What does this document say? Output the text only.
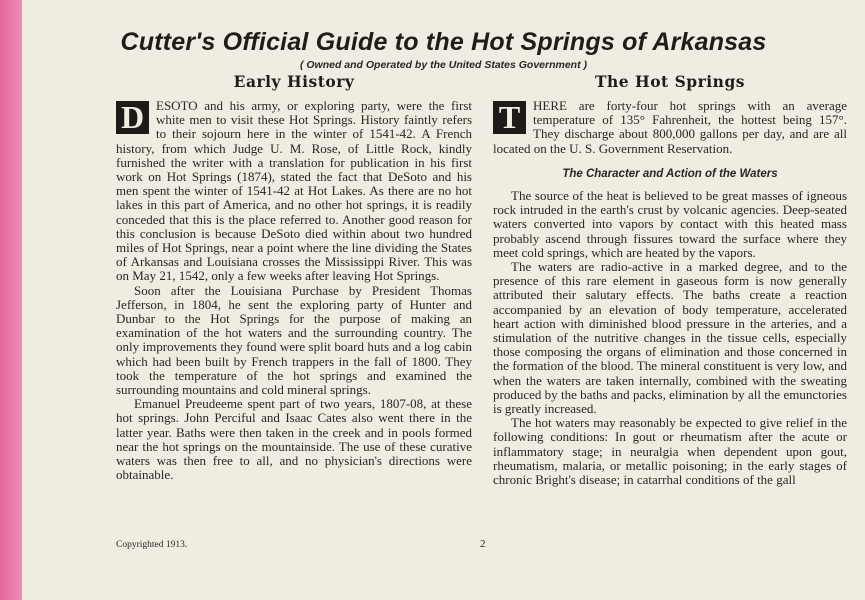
Cutter's Official Guide to the Hot Springs of Arkansas
( Owned and Operated by the United States Government )
Early History

D ESOTO and his army, or exploring party, were the first white men to visit these Hot Springs. History faintly refers to their sojourn here in the winter of 1541-42. A French history, from which Judge U. M. Rose, of Little Rock, kindly furnished the writer with a translation for publication in his first work on Hot Springs (1874), stated the fact that DeSoto and his men spent the winter of 1541-42 at Hot Lakes. As there are no hot lakes in this part of America, and no other hot springs, it is readily conceded that this is the place referred to. Another good reason for this conclusion is because DeSoto died within about two hundred miles of Hot Springs, near a point where the line dividing the States of Arkansas and Louisiana crosses the Mississippi River. This was on May 21, 1542, only a few weeks after leaving Hot Springs.

Soon after the Louisiana Purchase by President Thomas Jefferson, in 1804, he sent the exploring party of Hunter and Dunbar to the Hot Springs for the purpose of making an examination of the hot waters and the surrounding country. The only improvements they found were split board huts and a log cabin which had been built by French trappers in the fall of 1800. They took the temperature of the hot springs and examined the surrounding mountains and cold mineral springs.

Emanuel Preudeeme spent part of two years, 1807-08, at these hot springs. John Perciful and Isaac Cates also went there in the latter year. Baths were then taken in the creek and in pools formed near the hot springs on the mountainside. The use of these curative waters was then free to all, and no physician's directions were obtainable.

The Hot Springs

T HERE are forty-four hot springs with an average temperature of 135° Fahrenheit, the hottest being 157°. They discharge about 800,000 gallons per day, and are all located on the U. S. Government Reservation.

The Character and Action of the Waters

The source of the heat is believed to be great masses of igneous rock intruded in the earth's crust by volcanic agencies. Deep-seated waters converted into vapors by contact with this heated mass probably ascend through fissures toward the surface where they meet cold springs, which are heated by the vapors.

The waters are radio-active in a marked degree, and to the presence of this rare element in gaseous form is now generally attributed their salutary effects. The baths create a reaction accompanied by an elevation of body temperature, accelerated heart action with diminished blood pressure in the arteries, and a stimulation of the nutritive changes in the tissue cells, especially those composing the organs of elimination and those concerned in the formation of the blood. The mineral constituent is very low, and when the waters are taken internally, combined with the sweating produced by the baths and packs, elimination by all the emunctories is greatly increased.

The hot waters may reasonably be expected to give relief in the following conditions: In gout or rheumatism after the acute or inflammatory stage; in neuralgia when dependent upon gout, rheumatism, malaria, or metallic poisoning; in the early stages of chronic Bright's disease; in catarrhal conditions of the gall

Copyrighted 1913.	2
